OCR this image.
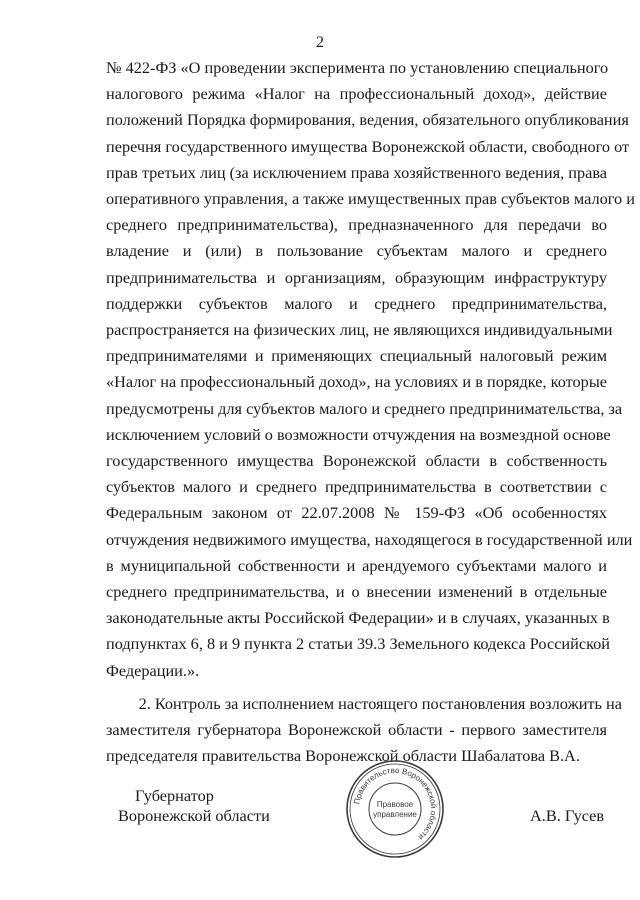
2
№ 422-ФЗ «О проведении эксперимента по установлению специального
налогового режима «Налог на профессиональный доход», действие
положений Порядка формирования, ведения, обязательного опубликования
перечня государственного имущества Воронежской области, свободного от
прав третьих лиц (за исключением права хозяйственного ведения, права
оперативного управления, а также имущественных прав субъектов малого и
среднего предпринимательства), предназначенного для передачи во
владение и (или) в пользование субъектам малого и среднего
предпринимательства и организациям, образующим инфраструктуру
поддержки субъектов малого и среднего предпринимательства,
распространяется на физических лиц, не являющихся индивидуальными
предпринимателями и применяющих специальный налоговый режим
«Налог на профессиональный доход», на условиях и в порядке, которые
предусмотрены для субъектов малого и среднего предпринимательства, за
исключением условий о возможности отчуждения на возмездной основе
государственного имущества Воронежской области в собственность
субъектов малого и среднего предпринимательства в соответствии с
Федеральным законом от 22.07.2008 № 159-ФЗ «Об особенностях
отчуждения недвижимого имущества, находящегося в государственной или
в муниципальной собственности и арендуемого субъектами малого и
среднего предпринимательства, и о внесении изменений в отдельные
законодательные акты Российской Федерации» и в случаях, указанных в
подпунктах 6, 8 и 9 пункта 2 статьи 39.3 Земельного кодекса Российской
Федерации.».
2. Контроль за исполнением настоящего постановления возложить на
заместителя губернатора Воронежской области - первого заместителя
председателя правительства Воронежской области Шабалатова В.А.
Губернатор
Воронежской области
Правительство Воронежской области
Правовое
управление	А.В. Гусев
